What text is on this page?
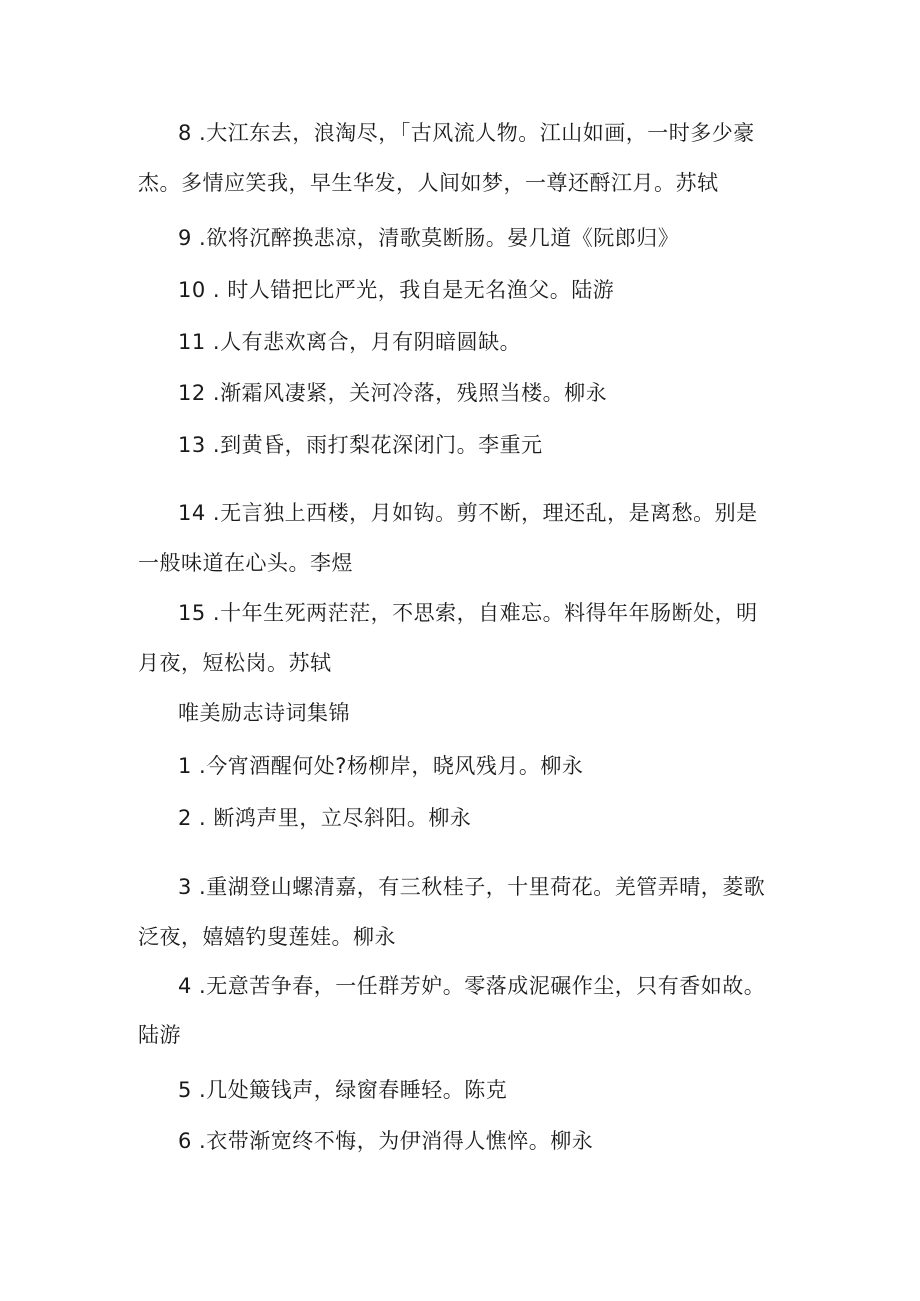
8 .大江东去，浪淘尽，「古风流人物。江山如画，一时多少豪
杰。多情应笑我，早生华发，人间如梦，一尊还酹江月。苏轼
9 .欲将沉醉换悲凉，清歌莫断肠。晏几道《阮郎归》
10 . 时人错把比严光，我自是无名渔父。陆游
11 .人有悲欢离合，月有阴暗圆缺。
12 .渐霜风凄紧，关河冷落，残照当楼。柳永
13 .到黄昏，雨打梨花深闭门。李重元
14 .无言独上西楼，月如钩。剪不断，理还乱，是离愁。别是
一般味道在心头。李煜
15 .十年生死两茫茫，不思索，自难忘。料得年年肠断处，明
月夜，短松岗。苏轼
唯美励志诗词集锦
1 .今宵酒醒何处?杨柳岸，晓风残月。柳永
2 . 断鸿声里，立尽斜阳。柳永
3 .重湖登山螺清嘉，有三秋桂子，十里荷花。羌管弄晴，菱歌
泛夜，嬉嬉钓叟莲娃。柳永
4 .无意苦争春，一任群芳妒。零落成泥碾作尘，只有香如故。
陆游
5 .几处簸钱声，绿窗春睡轻。陈克
6 .衣带渐宽终不悔，为伊消得人憔悴。柳永
